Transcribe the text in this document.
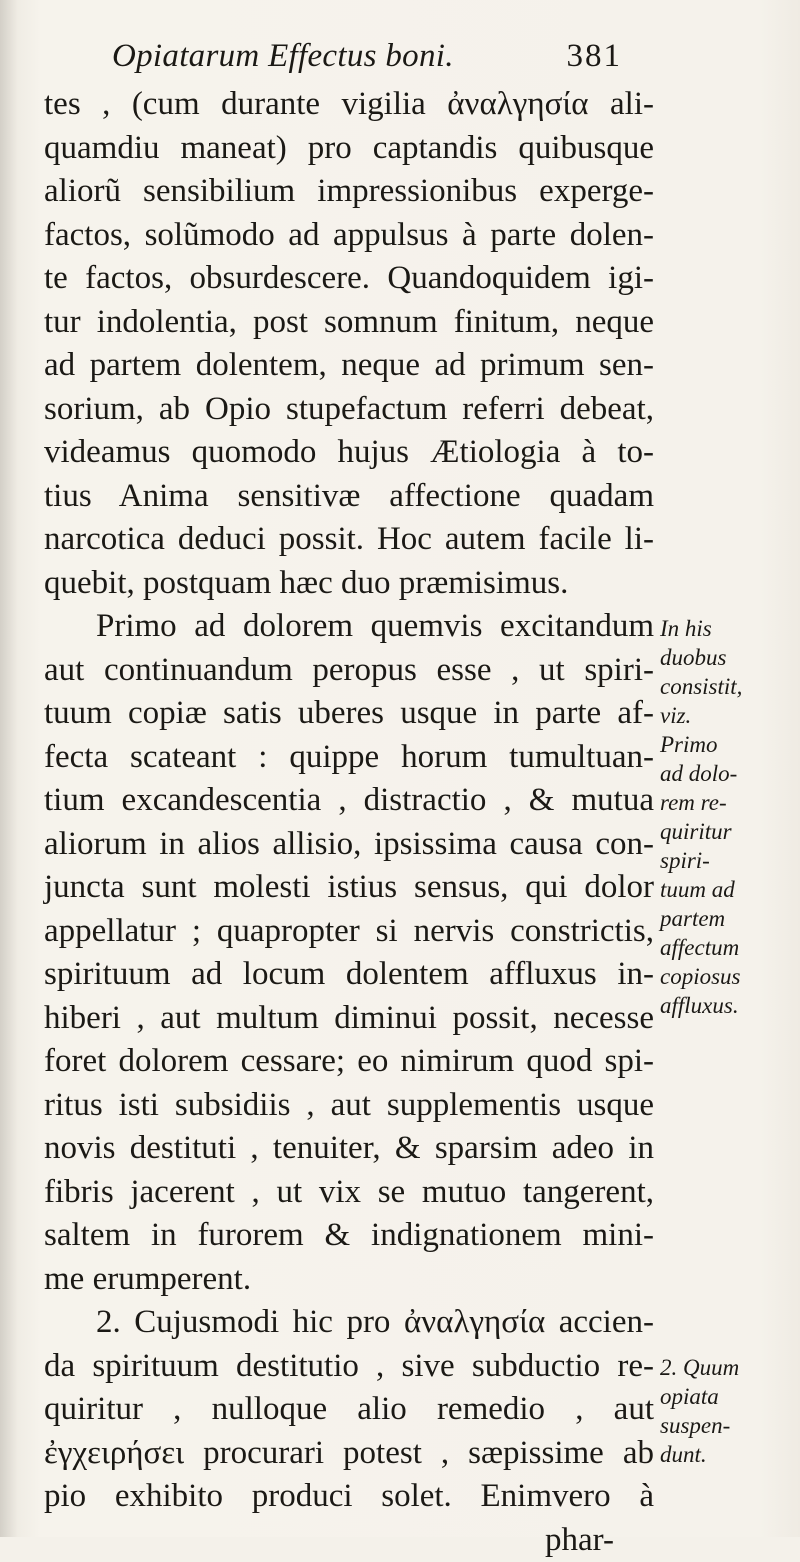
Opiatarum Effectus boni.	381
tes , (cum durante vigilia ἀναλγησία ali-
quamdiu maneat) pro captandis quibusque
aliorũ sensibilium impressionibus experge-
factos, solũmodo ad appulsus à parte dolen-
te factos, obsurdescere. Quandoquidem igi-
tur indolentia, post somnum finitum, neque
ad partem dolentem, neque ad primum sen-
sorium, ab Opio stupefactum referri debeat,
videamus quomodo hujus Ætiologia à to-
tius Anima sensitivæ affectione quadam
narcotica deduci possit. Hoc autem facile li-
quebit, postquam hæc duo præmisimus.
Primo ad dolorem quemvis excitandum
aut continuandum peropus esse , ut spiri-
tuum copiæ satis uberes usque in parte af-
fecta scateant : quippe horum tumultuan-
tium excandescentia , distractio , & mutua
aliorum in alios allisio, ipsissima causa con-
juncta sunt molesti istius sensus, qui dolor
appellatur ; quapropter si nervis constrictis,
spirituum ad locum dolentem affluxus in-
hiberi , aut multum diminui possit, necesse
foret dolorem cessare; eo nimirum quod spi-
ritus isti subsidiis , aut supplementis usque
novis destituti , tenuiter, & sparsim adeo in
fibris jacerent , ut vix se mutuo tangerent,
saltem in furorem & indignationem mini-
me erumperent.
2. Cujusmodi hic pro ἀναλγησία accien-
da spirituum destitutio , sive subductio re-
quiritur , nulloque alio remedio , aut
ἐγχειρήσει procurari potest , sæpissime ab
pio exhibito produci solet. Enimvero à
phar-
In his
duobus
consistit,
viz.
Primo
ad dolo-
rem re-
quiritur
spiri-
tuum ad
partem
affectum
copiosus
affluxus.
2. Quum
opiata
suspen-
dunt.
